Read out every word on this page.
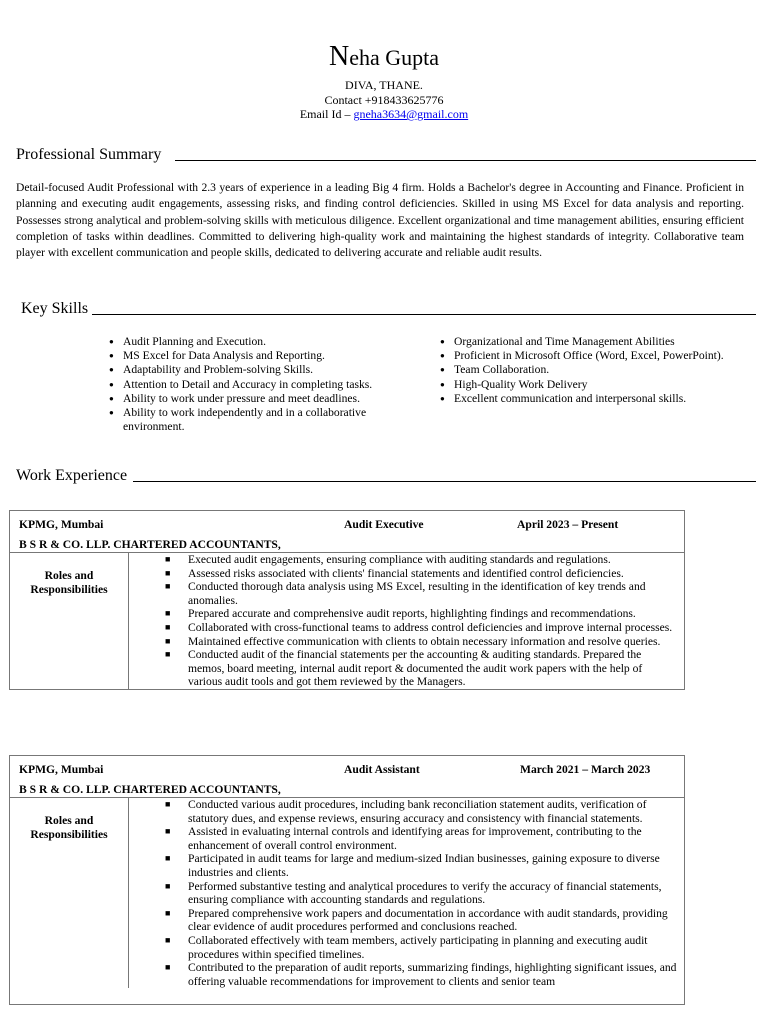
Neha Gupta
DIVA, THANE.
Contact +918433625776
Email Id – gneha3634@gmail.com
Professional Summary

Detail-focused Audit Professional with 2.3 years of experience in a leading Big 4 firm. Holds a Bachelor's degree in Accounting and Finance. Proficient in planning and executing audit engagements, assessing risks, and finding control deficiencies. Skilled in using MS Excel for data analysis and reporting. Possesses strong analytical and problem-solving skills with meticulous diligence. Excellent organizational and time management abilities, ensuring efficient completion of tasks within deadlines. Committed to delivering high-quality work and maintaining the highest standards of integrity. Collaborative team player with excellent communication and people skills, dedicated to delivering accurate and reliable audit results.

Key Skills
● Audit Planning and Execution.
● MS Excel for Data Analysis and Reporting.
● Adaptability and Problem-solving Skills.
● Attention to Detail and Accuracy in completing tasks.
● Ability to work under pressure and meet deadlines.
● Ability to work independently and in a collaborative environment.
● Organizational and Time Management Abilities
● Proficient in Microsoft Office (Word, Excel, PowerPoint).
● Team Collaboration.
● High-Quality Work Delivery
● Excellent communication and interpersonal skills.
Work Experience
KPMG, Mumbai	Audit Executive	April 2023 – Present
B S R & CO. LLP. CHARTERED ACCOUNTANTS,
Roles and Responsibilities
■ Executed audit engagements, ensuring compliance with auditing standards and regulations.
■ Assessed risks associated with clients' financial statements and identified control deficiencies.
■ Conducted thorough data analysis using MS Excel, resulting in the identification of key trends and anomalies.
■ Prepared accurate and comprehensive audit reports, highlighting findings and recommendations.
■ Collaborated with cross-functional teams to address control deficiencies and improve internal processes.
■ Maintained effective communication with clients to obtain necessary information and resolve queries.
■ Conducted audit of the financial statements per the accounting & auditing standards. Prepared the memos, board meeting, internal audit report & documented the audit work papers with the help of various audit tools and got them reviewed by the Managers.
KPMG, Mumbai	Audit Assistant	March 2021 – March 2023
B S R & CO. LLP. CHARTERED ACCOUNTANTS,
Roles and Responsibilities
■ Conducted various audit procedures, including bank reconciliation statement audits, verification of statutory dues, and expense reviews, ensuring accuracy and consistency with financial statements.
■ Assisted in evaluating internal controls and identifying areas for improvement, contributing to the enhancement of overall control environment.
■ Participated in audit teams for large and medium-sized Indian businesses, gaining exposure to diverse industries and clients.
■ Performed substantive testing and analytical procedures to verify the accuracy of financial statements, ensuring compliance with accounting standards and regulations.
■ Prepared comprehensive work papers and documentation in accordance with audit standards, providing clear evidence of audit procedures performed and conclusions reached.
■ Collaborated effectively with team members, actively participating in planning and executing audit procedures within specified timelines.
■ Contributed to the preparation of audit reports, summarizing findings, highlighting significant issues, and offering valuable recommendations for improvement to clients and senior team
